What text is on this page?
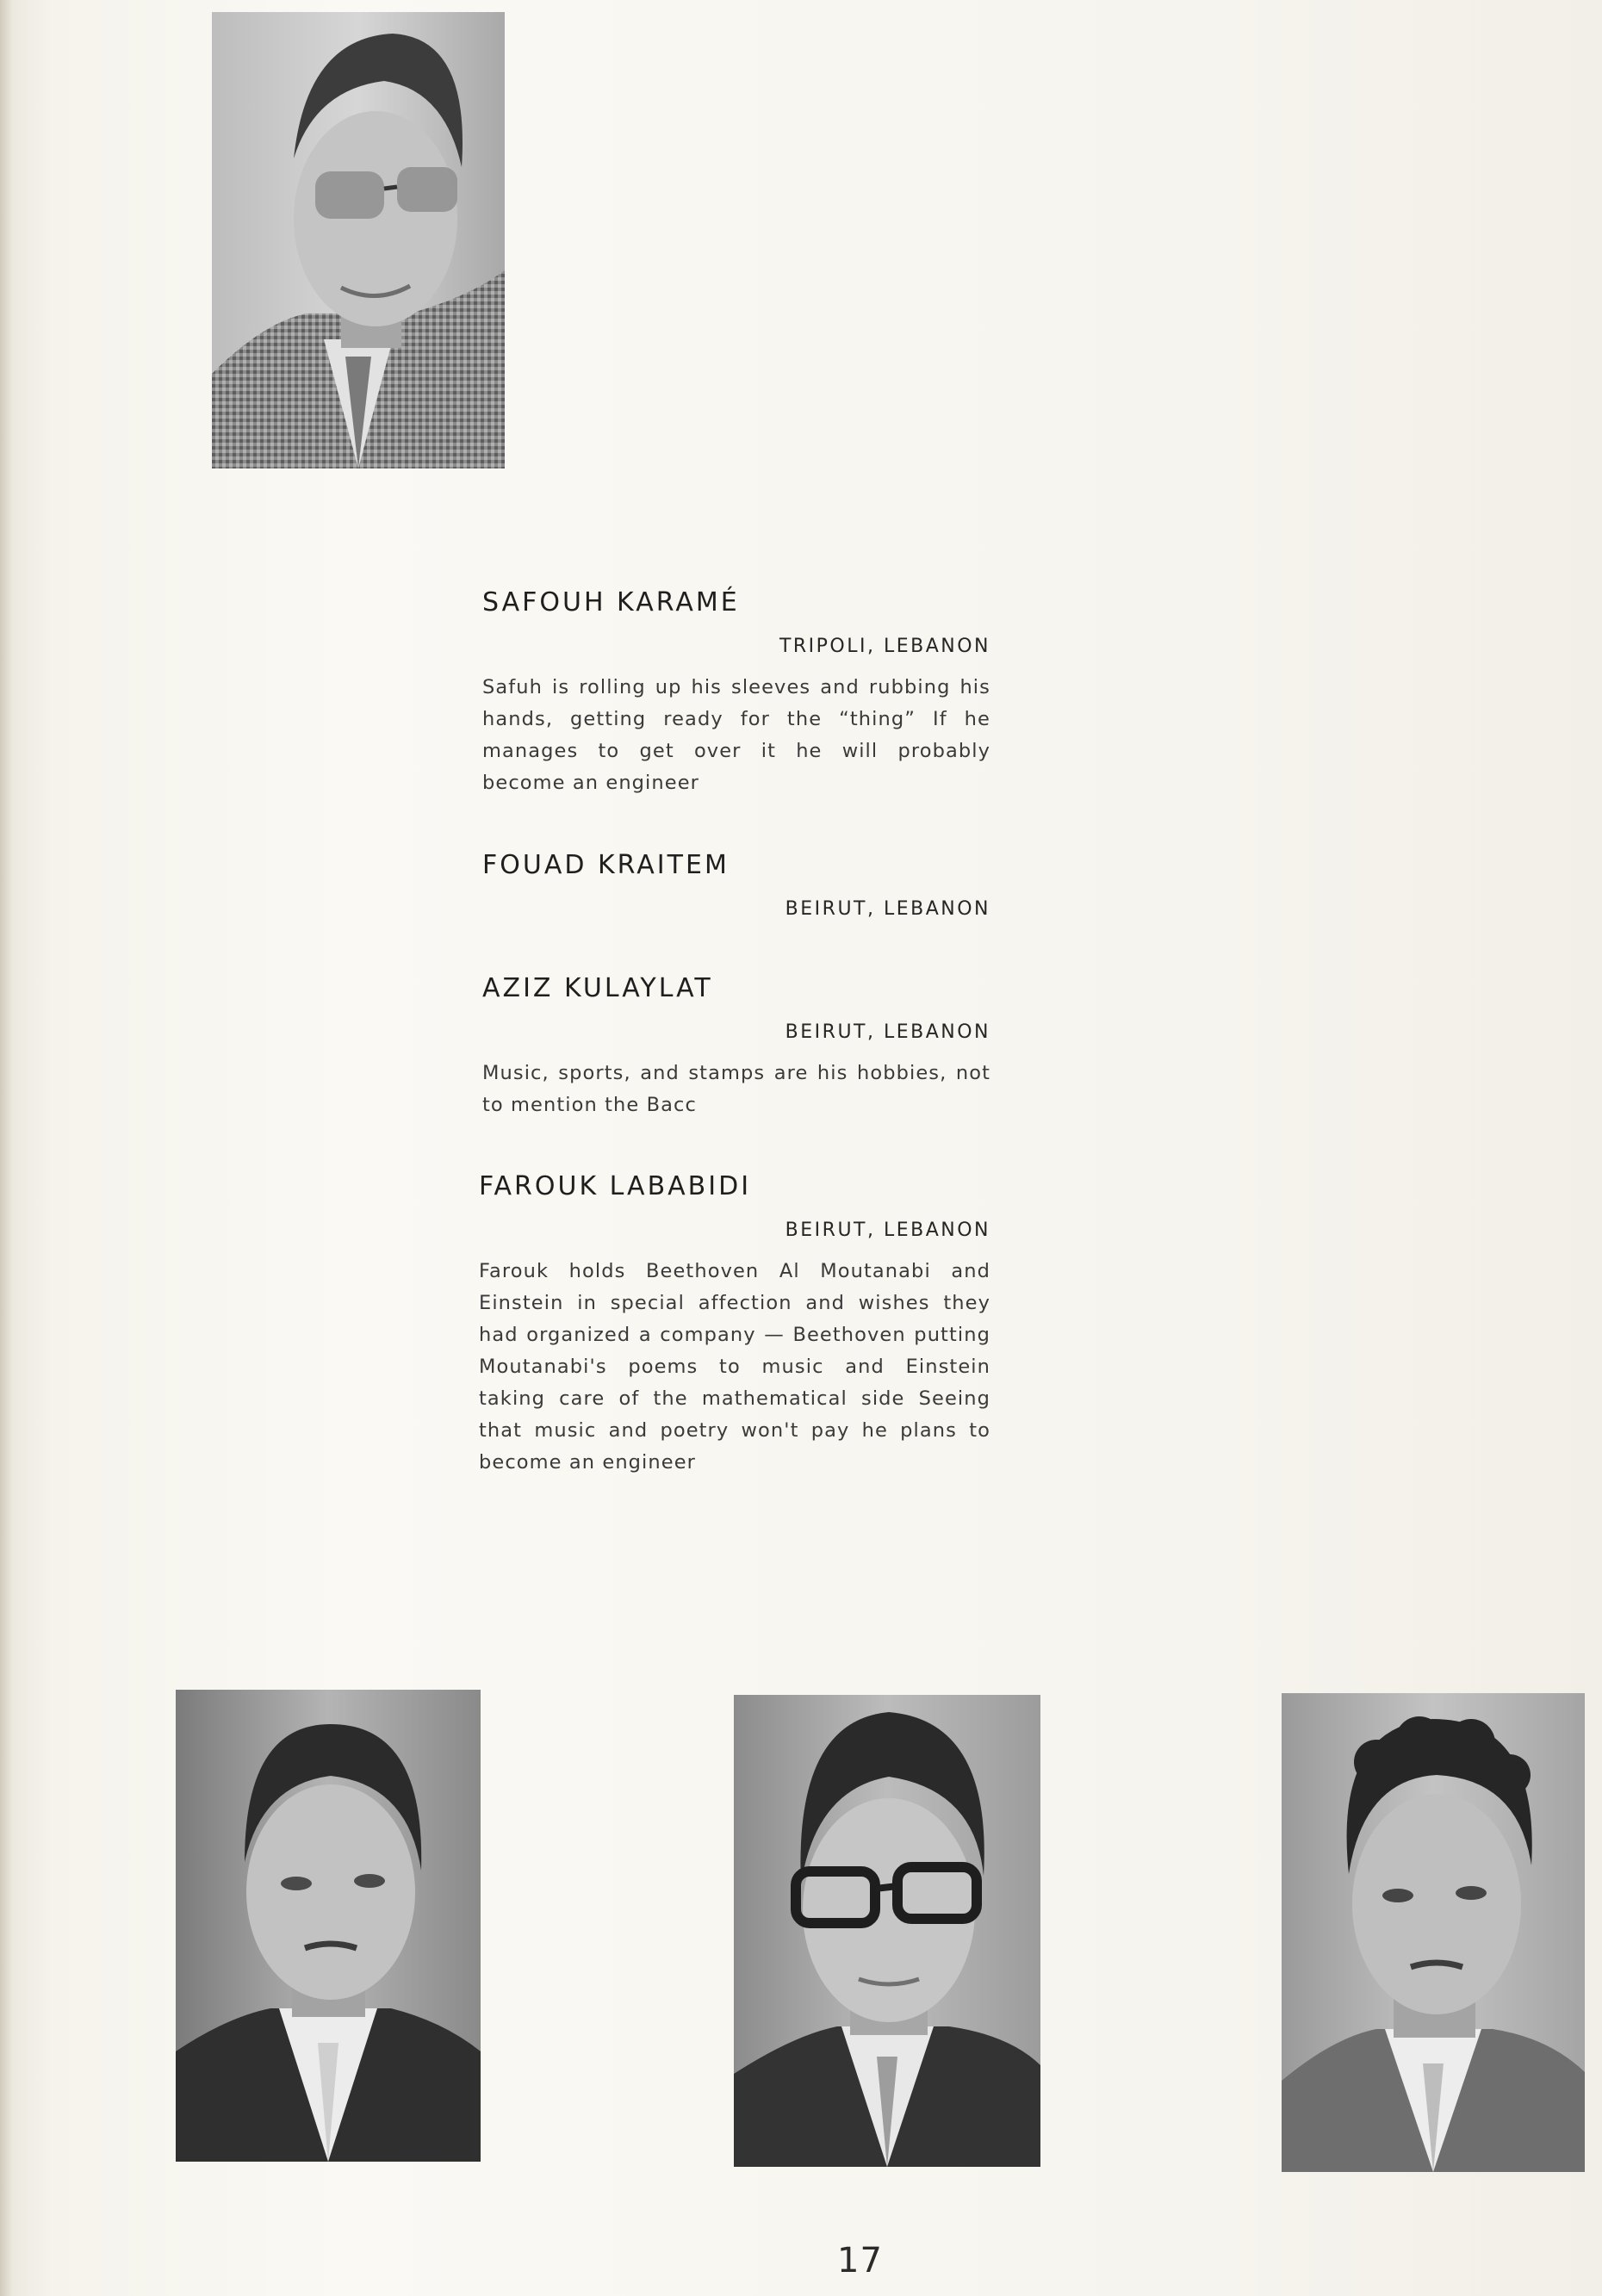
SAFOUH KARAMÉ
TRIPOLI, LEBANON

Safuh is rolling up his sleeves and rubbing his hands, getting ready for the “thing” If he manages to get over it he will probably become an engineer

FOUAD KRAITEM
BEIRUT, LEBANON
AZIZ KULAYLAT
BEIRUT, LEBANON

Music, sports, and stamps are his hobbies, not to mention the Bacc

FAROUK LABABIDI
BEIRUT, LEBANON

Farouk holds Beethoven Al Moutanabi and Einstein in special affection and wishes they had organized a company — Beethoven putting Moutanabi's poems to music and Einstein taking care of the mathematical side Seeing that music and poetry won't pay he plans to become an engineer

17
